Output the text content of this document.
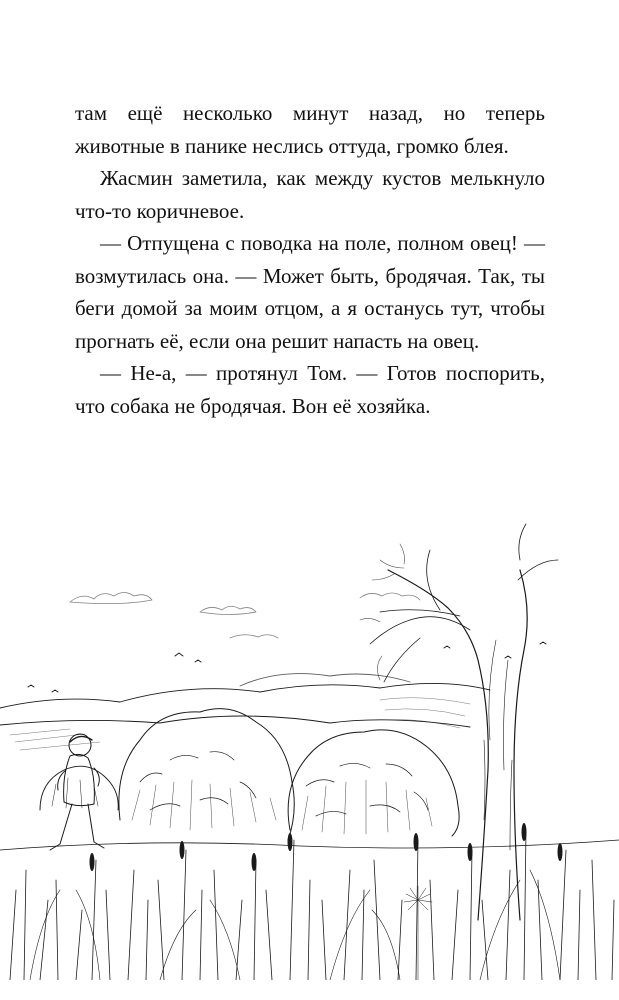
там ещё несколько минут назад, но теперь животные в панике неслись оттуда, громко блея.

Жасмин заметила, как между кустов мелькнуло что-то коричневое.

— Отпущена с поводка на поле, полном овец! — возмутилась она. — Может быть, бродячая. Так, ты беги домой за моим отцом, а я останусь тут, чтобы прогнать её, если она решит напасть на овец.

— Не-а, — протянул Том. — Готов поспорить, что собака не бродячая. Вон её хозяйка.
